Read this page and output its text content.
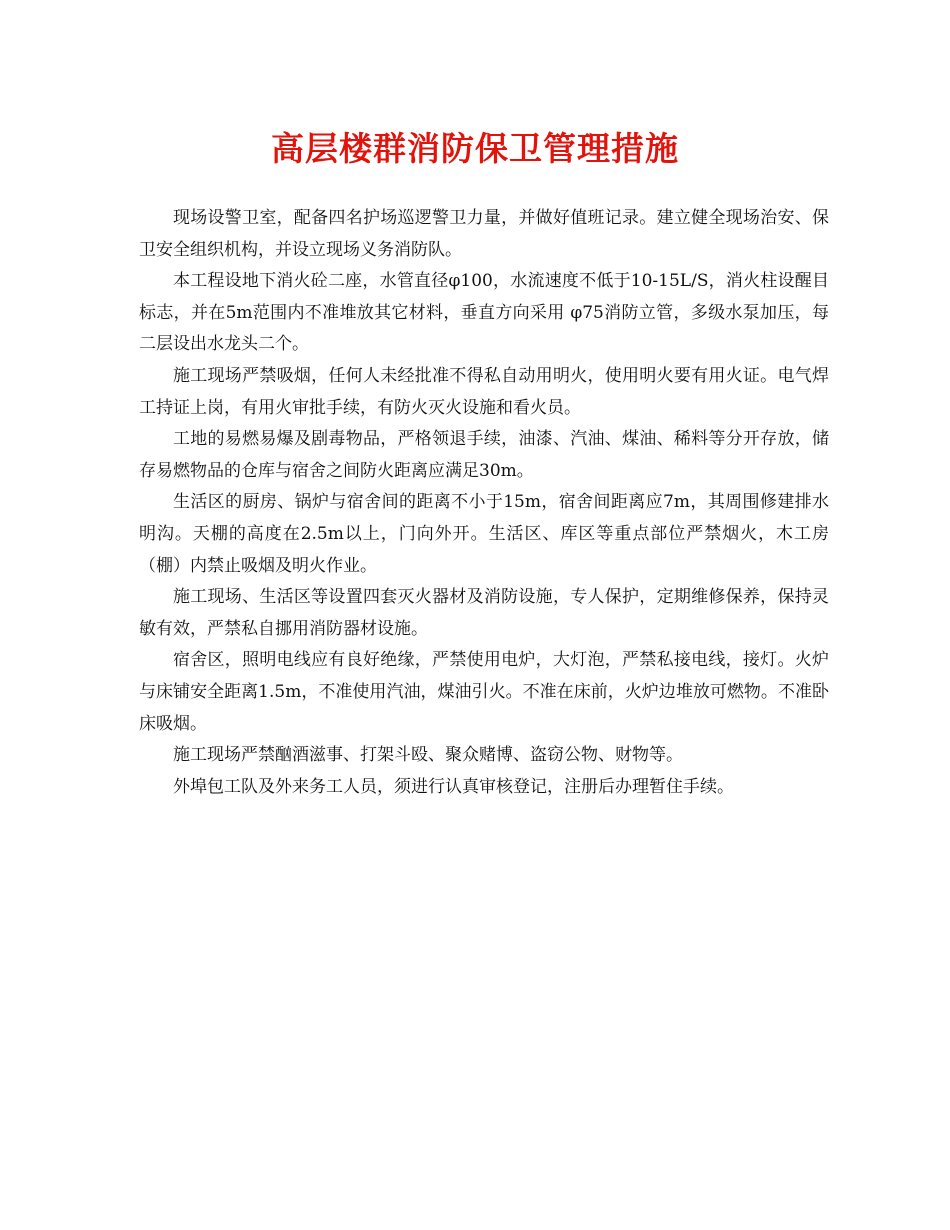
高层楼群消防保卫管理措施

现场设警卫室，配备四名护场巡逻警卫力量，并做好值班记录。建立健全现场治安、保卫安全组织机构，并设立现场义务消防队。

本工程设地下消火砼二座，水管直径φ100，水流速度不低于10-15L/S，消火柱设醒目标志，并在5m范围内不准堆放其它材料，垂直方向采用 φ75消防立管，多级水泵加压，每二层设出水龙头二个。

施工现场严禁吸烟，任何人未经批准不得私自动用明火，使用明火要有用火证。电气焊工持证上岗，有用火审批手续，有防火灭火设施和看火员。

工地的易燃易爆及剧毒物品，严格领退手续，油漆、汽油、煤油、稀料等分开存放，储存易燃物品的仓库与宿舍之间防火距离应满足30m。

生活区的厨房、锅炉与宿舍间的距离不小于15m，宿舍间距离应7m，其周围修建排水明沟。天棚的高度在2.5m以上，门向外开。生活区、库区等重点部位严禁烟火，木工房（棚）内禁止吸烟及明火作业。

施工现场、生活区等设置四套灭火器材及消防设施，专人保护，定期维修保养，保持灵敏有效，严禁私自挪用消防器材设施。

宿舍区，照明电线应有良好绝缘，严禁使用电炉，大灯泡，严禁私接电线，接灯。火炉与床铺安全距离1.5m，不准使用汽油，煤油引火。不准在床前，火炉边堆放可燃物。不准卧床吸烟。

施工现场严禁酗酒滋事、打架斗殴、聚众赌博、盗窃公物、财物等。

外埠包工队及外来务工人员，须进行认真审核登记，注册后办理暂住手续。
